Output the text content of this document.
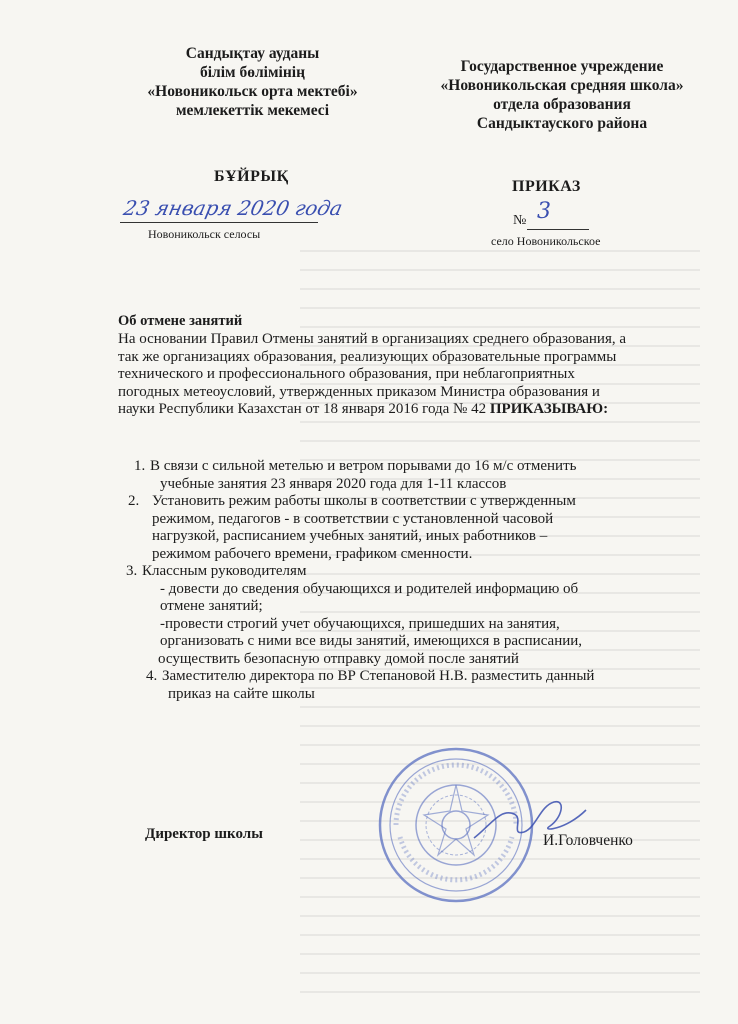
Сандықтау ауданы
білім бөлімінің
«Новоникольск орта мектебі»
мемлекеттік мекемесі
Государственное учреждение
«Новоникольская средняя школа»
отдела образования
Сандыктауского района
БҰЙРЫҚ
ПРИКАЗ
23 января 2020 года
Новоникольск селосы
№ 3
село Новоникольское
Об отмене занятий
На основании Правил Отмены занятий в организациях среднего образования, а
так же организациях образования, реализующих образовательные программы
технического и профессионального образования, при неблагоприятных
погодных метеоусловий, утвержденных приказом Министра образования и
науки Республики Казахстан от 18 января 2016 года № 42 ПРИКАЗЫВАЮ:
1. В связи с сильной метелью и ветром порывами до 16 м/с отменить

учебные занятия 23 января 2020 года для 1-11 классов

2. Установить режим работы школы в соответствии с утвержденным

режимом, педагогов - в соответствии с установленной часовой

нагрузкой, расписанием учебных занятий, иных работников –

режимом рабочего времени, графиком сменности.

3. Классным руководителям

- довести до сведения обучающихся и родителей информацию об

отмене занятий;

-провести строгий учет обучающихся, пришедших на занятия,

организовать с ними все виды занятий, имеющихся в расписании,

осуществить безопасную отправку домой после занятий

4. Заместителю директора по ВР Степановой Н.В. разместить данный

приказ на сайте школы

Директор школы	И.Головченко
